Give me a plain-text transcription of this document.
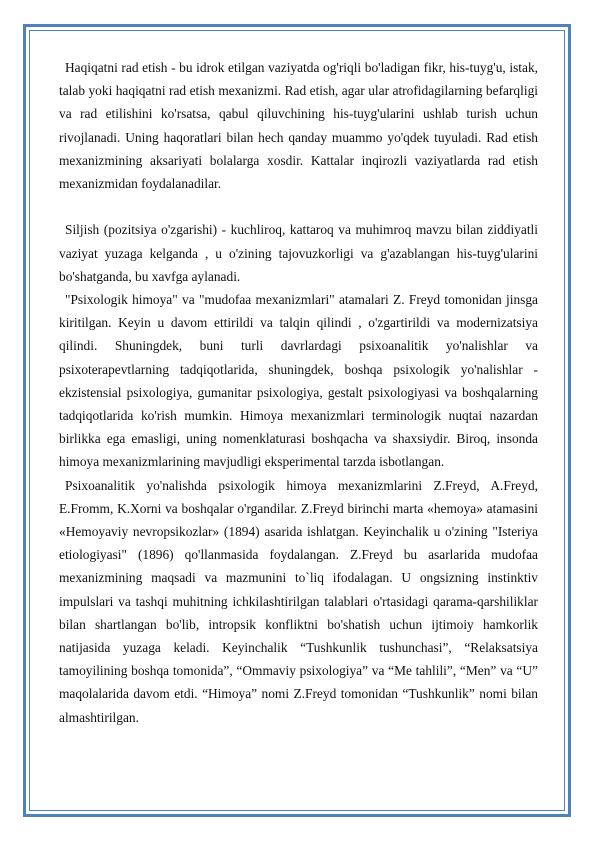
Haqiqatni rad etish - bu idrok etilgan vaziyatda og'riqli bo'ladigan fikr, his-tuyg'u, istak, talab yoki haqiqatni rad etish mexanizmi. Rad etish, agar ular atrofidagilarning befarqligi va rad etilishini ko'rsatsa, qabul qiluvchining his-tuyg'ularini ushlab turish uchun rivojlanadi. Uning haqoratlari bilan hech qanday muammo yo'qdek tuyuladi. Rad etish mexanizmining aksariyati bolalarga xosdir. Kattalar inqirozli vaziyatlarda rad etish mexanizmidan foydalanadilar.

Siljish (pozitsiya o'zgarishi) - kuchliroq, kattaroq va muhimroq mavzu bilan ziddiyatli vaziyat yuzaga kelganda , u o'zining tajovuzkorligi va g'azablangan his-tuyg'ularini bo'shatganda, bu xavfga aylanadi.

"Psixologik himoya" va "mudofaa mexanizmlari" atamalari Z. Freyd tomonidan jinsga kiritilgan. Keyin u davom ettirildi va talqin qilindi , o'zgartirildi va modernizatsiya qilindi. Shuningdek, buni turli davrlardagi psixoanalitik yo'nalishlar va psixoterapevtlarning tadqiqotlarida, shuningdek, boshqa psixologik yo'nalishlar - ekzistensial psixologiya, gumanitar psixologiya, gestalt psixologiyasi va boshqalarning tadqiqotlarida ko'rish mumkin. Himoya mexanizmlari terminologik nuqtai nazardan birlikka ega emasligi, uning nomenklaturasi boshqacha va shaxsiydir. Biroq, insonda himoya mexanizmlarining mavjudligi eksperimental tarzda isbotlangan.

Psixoanalitik yo'nalishda psixologik himoya mexanizmlarini Z.Freyd, A.Freyd, E.Fromm, K.Xorni va boshqalar o'rgandilar. Z.Freyd birinchi marta «hemoya» atamasini «Hemoyaviy nevropsikozlar» (1894) asarida ishlatgan. Keyinchalik u o'zining "Isteriya etiologiyasi" (1896) qo'llanmasida foydalangan. Z.Freyd bu asarlarida mudofaa mexanizmining maqsadi va mazmunini to`liq ifodalagan. U ongsizning instinktiv impulslari va tashqi muhitning ichkilashtirilgan talablari o'rtasidagi qarama-qarshiliklar bilan shartlangan bo'lib, intropsik konfliktni bo'shatish uchun ijtimoiy hamkorlik natijasida yuzaga keladi. Keyinchalik “Tushkunlik tushunchasi”, “Relaksatsiya tamoyilining boshqa tomonida”, “Ommaviy psixologiya” va “Me tahlili”, “Men” va “U” maqolalarida davom etdi. “Himoya” nomi Z.Freyd tomonidan “Tushkunlik” nomi bilan almashtirilgan.
